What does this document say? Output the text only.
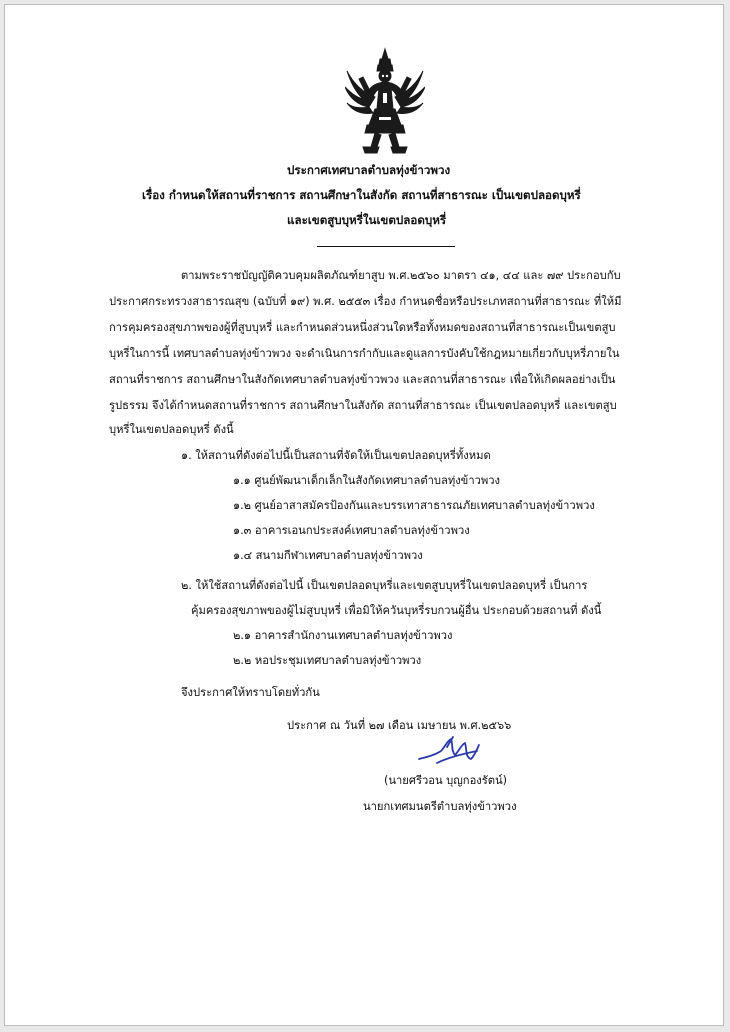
ประกาศเทศบาลตำบลทุ่งข้าวพวง
เรื่อง กำหนดให้สถานที่ราชการ สถานศึกษาในสังกัด สถานที่สาธารณะ เป็นเขตปลอดบุหรี่
และเขตสูบบุหรี่ในเขตปลอดบุหรี่
ตามพระราชบัญญัติควบคุมผลิตภัณฑ์ยาสูบ พ.ศ.๒๕๖๐ มาตรา ๔๑, ๔๔ และ ๗๙ ประกอบกับ
ประกาศกระทรวงสาธารณสุข (ฉบับที่ ๑๙) พ.ศ. ๒๕๕๓ เรื่อง กำหนดชื่อหรือประเภทสถานที่สาธารณะ ที่ให้มี
การคุมครองสุขภาพของผู้ที่สูบบุหรี่ และกำหนดส่วนหนึ่งส่วนใดหรือทั้งหมดของสถานที่สาธารณะเป็นเขตสูบ
บุหรี่ในการนี้ เทศบาลตำบลทุ่งข้าวพวง จะดำเนินการกำกับและดูแลการบังคับใช้กฎหมายเกี่ยวกับบุหรี่ภายใน
สถานที่ราชการ สถานศึกษาในสังกัดเทศบาลตำบลทุ่งข้าวพวง และสถานที่สาธารณะ เพื่อให้เกิดผลอย่างเป็น
รูปธรรม จึงได้กำหนดสถานที่ราชการ สถานศึกษาในสังกัด สถานที่สาธารณะ เป็นเขตปลอดบุหรี่ และเขตสูบ
บุหรี่ในเขตปลอดบุหรี่ ดังนี้
๑. ให้สถานที่ดังต่อไปนี้เป็นสถานที่จัดให้เป็นเขตปลอดบุหรี่ทั้งหมด
๑.๑ ศูนย์พัฒนาเด็กเล็กในสังกัดเทศบาลตำบลทุ่งข้าวพวง
๑.๒ ศูนย์อาสาสมัครป้องกันและบรรเทาสาธารณภัยเทศบาลตำบลทุ่งข้าวพวง
๑.๓ อาคารเอนกประสงค์เทศบาลตำบลทุ่งข้าวพวง
๑.๔ สนามกีฬาเทศบาลตำบลทุ่งข้าวพวง
๒. ให้ใช้สถานที่ดังต่อไปนี้ เป็นเขตปลอดบุหรี่และเขตสูบบุหรี่ในเขตปลอดบุหรี่ เป็นการ
คุ้มครองสุขภาพของผู้ไม่สูบบุหรี่ เพื่อมิให้ควันบุหรี่รบกวนผู้อื่น ประกอบด้วยสถานที่ ดังนี้
๒.๑ อาคารสำนักงานเทศบาลตำบลทุ่งข้าวพวง
๒.๒ หอประชุมเทศบาลตำบลทุ่งข้าวพวง
จึงประกาศให้ทราบโดยทั่วกัน
ประกาศ ณ วันที่ ๒๗ เดือน เมษายน พ.ศ.๒๕๖๖
(นายศรีวอน บุญกองรัตน์)
นายกเทศมนตรีตำบลทุ่งข้าวพวง
